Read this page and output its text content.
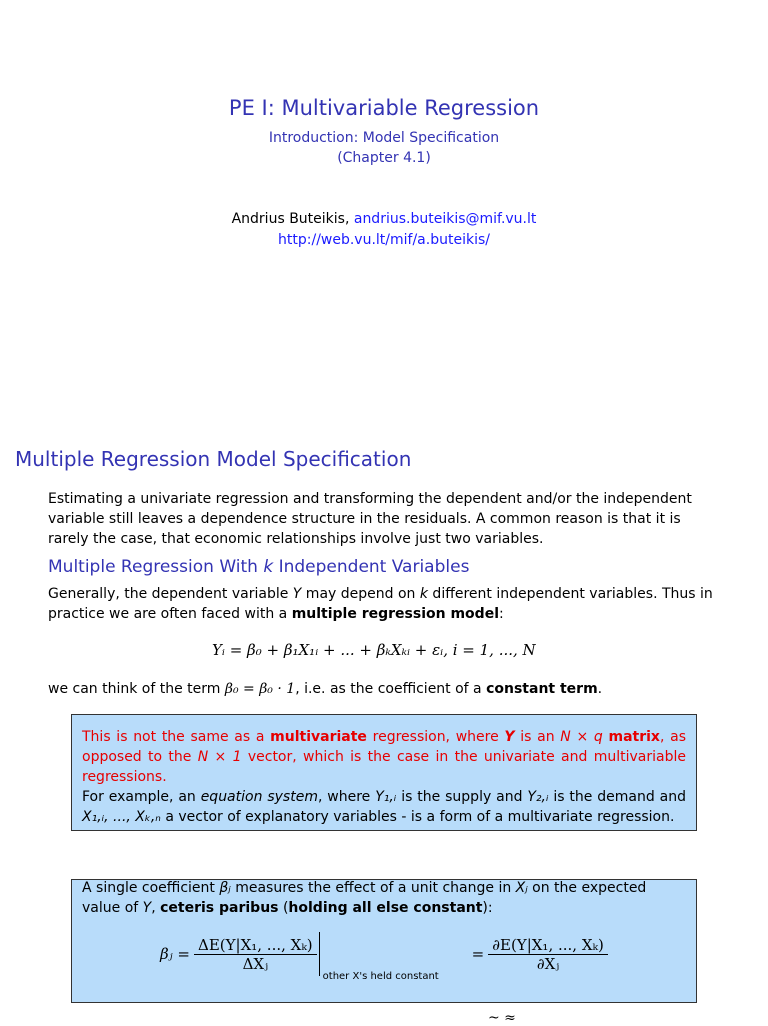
PE I: Multivariable Regression
Introduction: Model Specification
(Chapter 4.1)
Andrius Buteikis, andrius.buteikis@mif.vu.lt
http://web.vu.lt/mif/a.buteikis/
Multiple Regression Model Specification
Estimating a univariate regression and transforming the dependent and/or the independent variable still leaves a dependence structure in the residuals. A common reason is that it is rarely the case, that economic relationships involve just two variables.
Multiple Regression With k Independent Variables
Generally, the dependent variable Y may depend on k different independent variables. Thus in practice we are often faced with a multiple regression model:
Yᵢ = β₀ + β₁X₁ᵢ + ... + βₖXₖᵢ + εᵢ, i = 1, ..., N
we can think of the term β₀ = β₀ · 1, i.e. as the coefficient of a constant term.
This is not the same as a multivariate regression, where Y is an N × q matrix, as opposed to the N × 1 vector, which is the case in the univariate and multivariable regressions.
For example, an equation system, where Y₁,ᵢ is the supply and Y₂,ᵢ is the demand and X₁,ᵢ, ..., Xₖ,ₙ a vector of explanatory variables - is a form of a multivariate regression.
A single coefficient βⱼ measures the effect of a unit change in Xⱼ on the expected value of Y, ceteris paribus (holding all else constant):
βⱼ = $\frac{\text{ΔE(Y|X₁, ..., Xₖ)}}{\text{ΔXⱼ}}$
other X's held constant
= $\frac{\text{∂E(Y|X₁, ..., Xₖ)}}{\text{∂Xⱼ}}$
~ ≈
